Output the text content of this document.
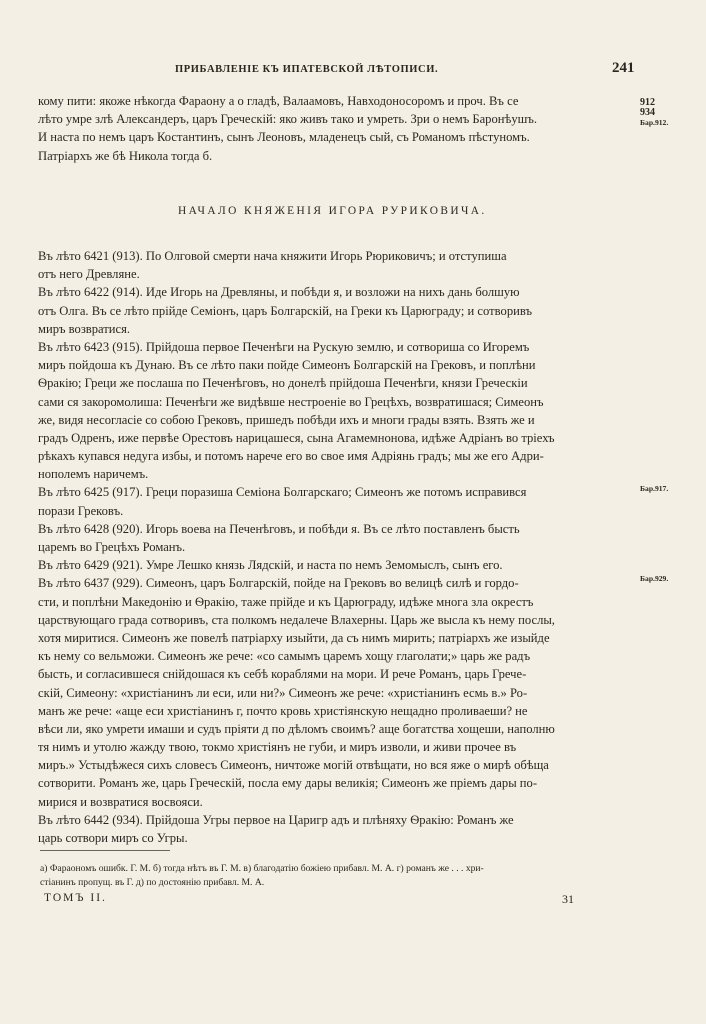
ПРИБАВЛЕНІЕ КЪ ИПАТЕВСКОЙ ЛѢТОПИСИ.	241
кому пити: якоже нѣкогда Фараону а о гладѣ, Валаамовъ, Навходоносоромъ и проч. Въ се
лѣто умре злѣ Александеръ, царъ Греческій: яко живъ тако и умреть. Зри о немъ Баронѣушъ.
И наста по немъ царъ Костантинъ, сынъ Леоновъ, младенецъ сый, съ Романомъ пѣстуномъ.
Патріархъ же бѣ Никола тогда б.
912
934
Бар.912.
НАЧАЛО КНЯЖЕНІЯ ИГОРА РУРИКОВИЧА.
Въ лѣто 6421 (913). По Олговой смерти нача княжити Игорь Рюриковичъ; и отступиша
отъ него Древляне.
Въ лѣто 6422 (914). Иде Игорь на Древляны, и побѣди я, и возложи на нихъ дань болшую
отъ Олга. Въ се лѣто прійде Семіонъ, царъ Болгарскій, на Греки къ Царюграду; и сотворивъ
миръ возвратися.
Въ лѣто 6423 (915). Прійдоша первое Печенѣги на Рускую землю, и сотвориша со Игоремъ
миръ пойдоша къ Дунаю. Въ се лѣто паки пойде Симеонъ Болгарскій на Грековъ, и поплѣни
Ѳракію; Греци же послаша по Печенѣговъ, но донелѣ прійдоша Печенѣги, князи Греческіи
сами ся закоромолиша: Печенѣги же видѣвше нестроеніе во Грецѣхъ, возвратишася; Симеонъ
же, видя несогласіе со собою Грековъ, пришедъ побѣди ихъ и многи грады взять. Взять же и
градъ Одренъ, иже первѣе Орестовъ нарицашеся, сына Агамемнонова, идѣже Адріанъ во трiехъ
рѣкахъ купався недуга избы, и потомъ нарече его во свое имя Адріянь градъ; мы же его Адри-
нополемъ наричемъ.
Въ лѣто 6425 (917). Греци поразиша Семіона Болгарскаго; Симеонъ же потомъ исправився
порази Грековъ.
Въ лѣто 6428 (920). Игорь воева на Печенѣговъ, и побѣди я. Въ се лѣто поставленъ бысть
царемъ во Грецѣхъ Романъ.
Въ лѣто 6429 (921). Умре Лешко князь Лядскій, и наста по немъ Земомыслъ, сынъ его.
Въ лѣто 6437 (929). Симеонъ, царъ Болгарскій, пойде на Грековъ во велицѣ силѣ и гордо-
сти, и поплѣни Македонію и Ѳракію, таже прійде и къ Царюграду, идѣже многа зла окрестъ
царствующаго града сотворивъ, ста полкомъ недалече Влахерны. Царь же высла къ нему послы,
хотя миритися. Симеонъ же повелѣ патріарху изыйти, да съ нимъ мирить; патріархъ же изыйде
къ нему со вельможи. Симеонъ же рече: «со самымъ царемъ хощу глаголати;» царь же радъ
бысть, и согласившеся снійдошася къ себѣ кораблями на мори. И рече Романъ, царь Грече-
скій, Симеону: «христіанинъ ли еси, или ни?» Симеонъ же рече: «христіанинъ есмь в.» Ро-
манъ же рече: «аще еси христіанинъ г, почто кровь христіянскую нещадно проливаеши? не
вѣси ли, яко умрети имаши и судъ пріяти д по дѣломъ своимъ? аще богатства хощеши, наполню
тя нимъ и утолю жажду твою, токмо христіянъ не губи, и миръ изволи, и живи прочее въ
миръ.» Устыдѣжеся сихъ словесъ Симеонъ, ничтоже могій отвѣщати, но вся яже о мирѣ обѣща
сотворити. Романъ же, царь Греческій, посла ему дары великія; Симеонъ же пріемъ дары по-
мирися и возвратися восвояси.
Въ лѣто 6442 (934). Прійдоша Угры первое на Царигр адъ и плѣняху Ѳракію: Романъ же
царь сотвори миръ со Угры.
Бар.917.
Бар.929.
а) Фараономъ ошибк. Г. М. б) тогда нѣтъ въ Г. М. в) благодатію божіею прибавл. М. А. г) романъ же . . . хри-
стіанинъ пропущ. въ Г. д) по достоянію прибавл. М. А.
ТОМЪ II.	31
